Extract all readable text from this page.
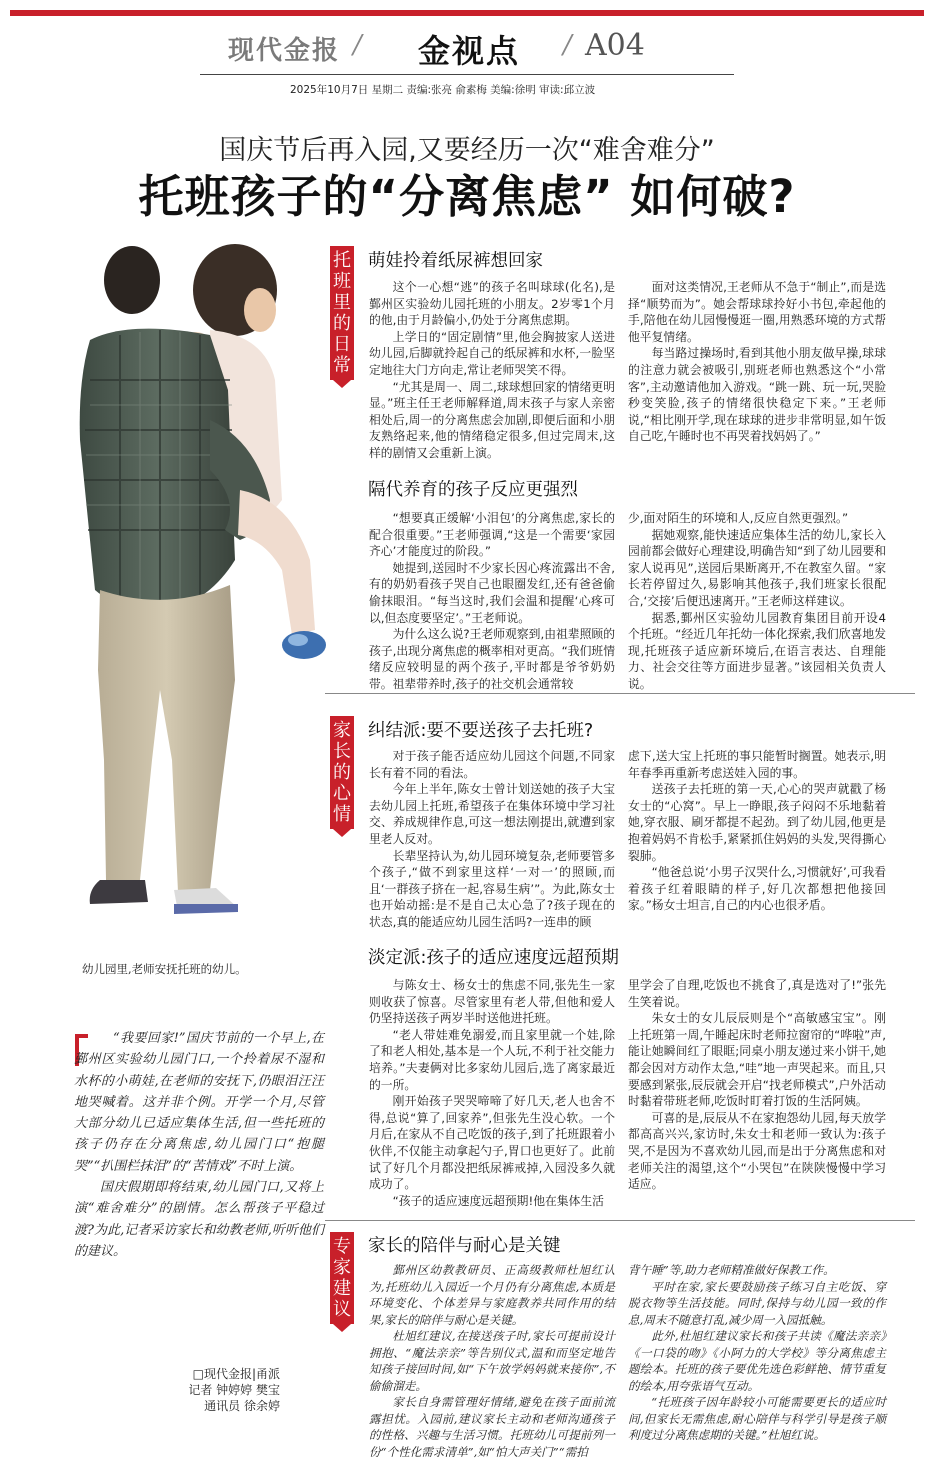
现代金报 / 金视点 / A04
2025年10月7日 星期二 责编:张亮 俞素梅 美编:徐明 审读:邱立波
国庆节后再入园,又要经历一次“难舍难分”
托班孩子的“分离焦虑” 如何破?
幼儿园里,老师安抚托班的幼儿。

“我要回家!”国庆节前的一个早上,在鄞州区实验幼儿园门口,一个拎着尿不湿和水杯的小萌娃,在老师的安抚下,仍眼泪汪汪地哭喊着。这并非个例。开学一个月,尽管大部分幼儿已适应集体生活,但一些托班的孩子仍存在分离焦虑,幼儿园门口“抱腿哭”“扒围栏抹泪”的“苦情戏”不时上演。

国庆假期即将结束,幼儿园门口,又将上演“难舍难分”的剧情。怎么帮孩子平稳过渡?为此,记者采访家长和幼教老师,听听他们的建议。

□现代金报|甬派
记者 钟婷婷 樊宝
通讯员 徐余婷
托
班
里
的
日
常
萌娃拎着纸尿裤想回家

这个一心想“逃”的孩子名叫球球(化名),是鄞州区实验幼儿园托班的小朋友。2岁零1个月的他,由于月龄偏小,仍处于分离焦虑期。

上学日的“固定剧情”里,他会胸披家人送进幼儿园,后脚就拎起自己的纸尿裤和水杯,一脸坚定地往大门方向走,常让老师哭笑不得。

“尤其是周一、周二,球球想回家的情绪更明显。”班主任王老师解释道,周末孩子与家人亲密相处后,周一的分离焦虑会加剧,即便后面和小朋友熟络起来,他的情绪稳定很多,但过完周末,这样的剧情又会重新上演。

面对这类情况,王老师从不急于“制止”,而是选择“顺势而为”。她会帮球球拎好小书包,牵起他的手,陪他在幼儿园慢慢逛一圈,用熟悉环境的方式帮他平复情绪。

每当路过操场时,看到其他小朋友做早操,球球的注意力就会被吸引,别班老师也熟悉这个“小常客”,主动邀请他加入游戏。“跳一跳、玩一玩,哭脸秒变笑脸,孩子的情绪很快稳定下来。”王老师说,“相比刚开学,现在球球的进步非常明显,如午饭自己吃,午睡时也不再哭着找妈妈了。”

隔代养育的孩子反应更强烈

“想要真正缓解‘小泪包’的分离焦虑,家长的配合很重要。”王老师强调,“这是一个需要‘家园齐心’才能度过的阶段。”

她提到,送园时不少家长因心疼流露出不舍,有的奶奶看孩子哭自己也眼圈发红,还有爸爸偷偷抹眼泪。“每当这时,我们会温和提醒‘心疼可以,但态度要坚定’。”王老师说。

为什么这么说?王老师观察到,由祖辈照顾的孩子,出现分离焦虑的概率相对更高。“我们班情绪反应较明显的两个孩子,平时都是爷爷奶奶带。祖辈带养时,孩子的社交机会通常较

少,面对陌生的环境和人,反应自然更强烈。”

据她观察,能快速适应集体生活的幼儿,家长入园前都会做好心理建设,明确告知“到了幼儿园要和家人说再见”,送园后果断离开,不在教室久留。“家长若停留过久,易影响其他孩子,我们班家长很配合,‘交接’后便迅速离开。”王老师这样建议。

据悉,鄞州区实验幼儿园教育集团目前开设4个托班。“经近几年托幼一体化探索,我们欣喜地发现,托班孩子适应新环境后,在语言表达、自理能力、社会交往等方面进步显著。”该园相关负责人说。

家
长
的
心
情
纠结派:要不要送孩子去托班?

对于孩子能否适应幼儿园这个问题,不同家长有着不同的看法。

今年上半年,陈女士曾计划送她的孩子大宝去幼儿园上托班,希望孩子在集体环境中学习社交、养成规律作息,可这一想法刚提出,就遭到家里老人反对。

长辈坚持认为,幼儿园环境复杂,老师要管多个孩子,“做不到家里这样‘一对一’的照顾,而且‘一群孩子挤在一起,容易生病’”。为此,陈女士也开始动摇:是不是自己太心急了?孩子现在的状态,真的能适应幼儿园生活吗?一连串的顾

虑下,送大宝上托班的事只能暂时搁置。她表示,明年春季再重新考虑送娃入园的事。

送孩子去托班的第一天,心心的哭声就戳了杨女士的“心窝”。早上一睁眼,孩子闷闷不乐地黏着她,穿衣服、刷牙都提不起劲。到了幼儿园,他更是抱着妈妈不肯松手,紧紧抓住妈妈的头发,哭得撕心裂肺。

“他爸总说‘小男子汉哭什么,习惯就好’,可我看着孩子红着眼睛的样子,好几次都想把他接回家。”杨女士坦言,自己的内心也很矛盾。

淡定派:孩子的适应速度远超预期

与陈女士、杨女士的焦虑不同,张先生一家则收获了惊喜。尽管家里有老人带,但他和爱人仍坚持送孩子两岁半时送他进托班。

“老人带娃难免溺爱,而且家里就一个娃,除了和老人相处,基本是一个人玩,不利于社交能力培养。”夫妻俩对比多家幼儿园后,选了离家最近的一所。

刚开始孩子哭哭啼啼了好几天,老人也舍不得,总说“算了,回家养”,但张先生没心软。一个月后,在家从不自己吃饭的孩子,到了托班跟着小伙伴,不仅能主动拿起勺子,胃口也更好了。此前试了好几个月都没把纸尿裤戒掉,入园没多久就成功了。

“孩子的适应速度远超预期!他在集体生活

里学会了自理,吃饭也不挑食了,真是选对了!”张先生笑着说。

朱女士的女儿辰辰则是个“高敏感宝宝”。刚上托班第一周,午睡起床时老师拉窗帘的“哗啦”声,能让她瞬间红了眼眶;同桌小朋友递过来小饼干,她都会因对方动作太急,“哇”地一声哭起来。而且,只要感到紧张,辰辰就会开启“找老师模式”,户外活动时黏着带班老师,吃饭时盯着打饭的生活阿姨。

可喜的是,辰辰从不在家抱怨幼儿园,每天放学都高高兴兴,家访时,朱女士和老师一致认为:孩子哭,不是因为不喜欢幼儿园,而是出于分离焦虑和对老师关注的渴望,这个“小哭包”在陕陕慢慢中学习适应。

专
家
建
议
家长的陪伴与耐心是关键

鄞州区幼教教研员、正高级教师杜旭红认为,托班幼儿入园近一个月仍有分离焦虑,本质是环境变化、个体差异与家庭教养共同作用的结果,家长的陪伴与耐心是关键。

杜旭红建议,在接送孩子时,家长可提前设计拥抱、“魔法亲亲”等告别仪式,温和而坚定地告知孩子接回时间,如“下午放学妈妈就来接你”,不偷偷溜走。

家长自身需管理好情绪,避免在孩子面前流露担忧。入园前,建议家长主动和老师沟通孩子的性格、兴趣与生活习惯。托班幼儿可提前列一份“个性化需求清单”,如“怕大声关门”“需拍

背午睡”等,助力老师精准做好保教工作。

平时在家,家长要鼓励孩子练习自主吃饭、穿脱衣物等生活技能。同时,保持与幼儿园一致的作息,周末不随意打乱,减少周一入园抵触。

此外,杜旭红建议家长和孩子共读《魔法亲亲》《一口袋的吻》《小阿力的大学校》等分离焦虑主题绘本。托班的孩子要优先选色彩鲜艳、情节重复的绘本,用夸张语气互动。

“托班孩子因年龄较小可能需要更长的适应时间,但家长无需焦虑,耐心陪伴与科学引导是孩子顺利度过分离焦虑期的关键。”杜旭红说。
